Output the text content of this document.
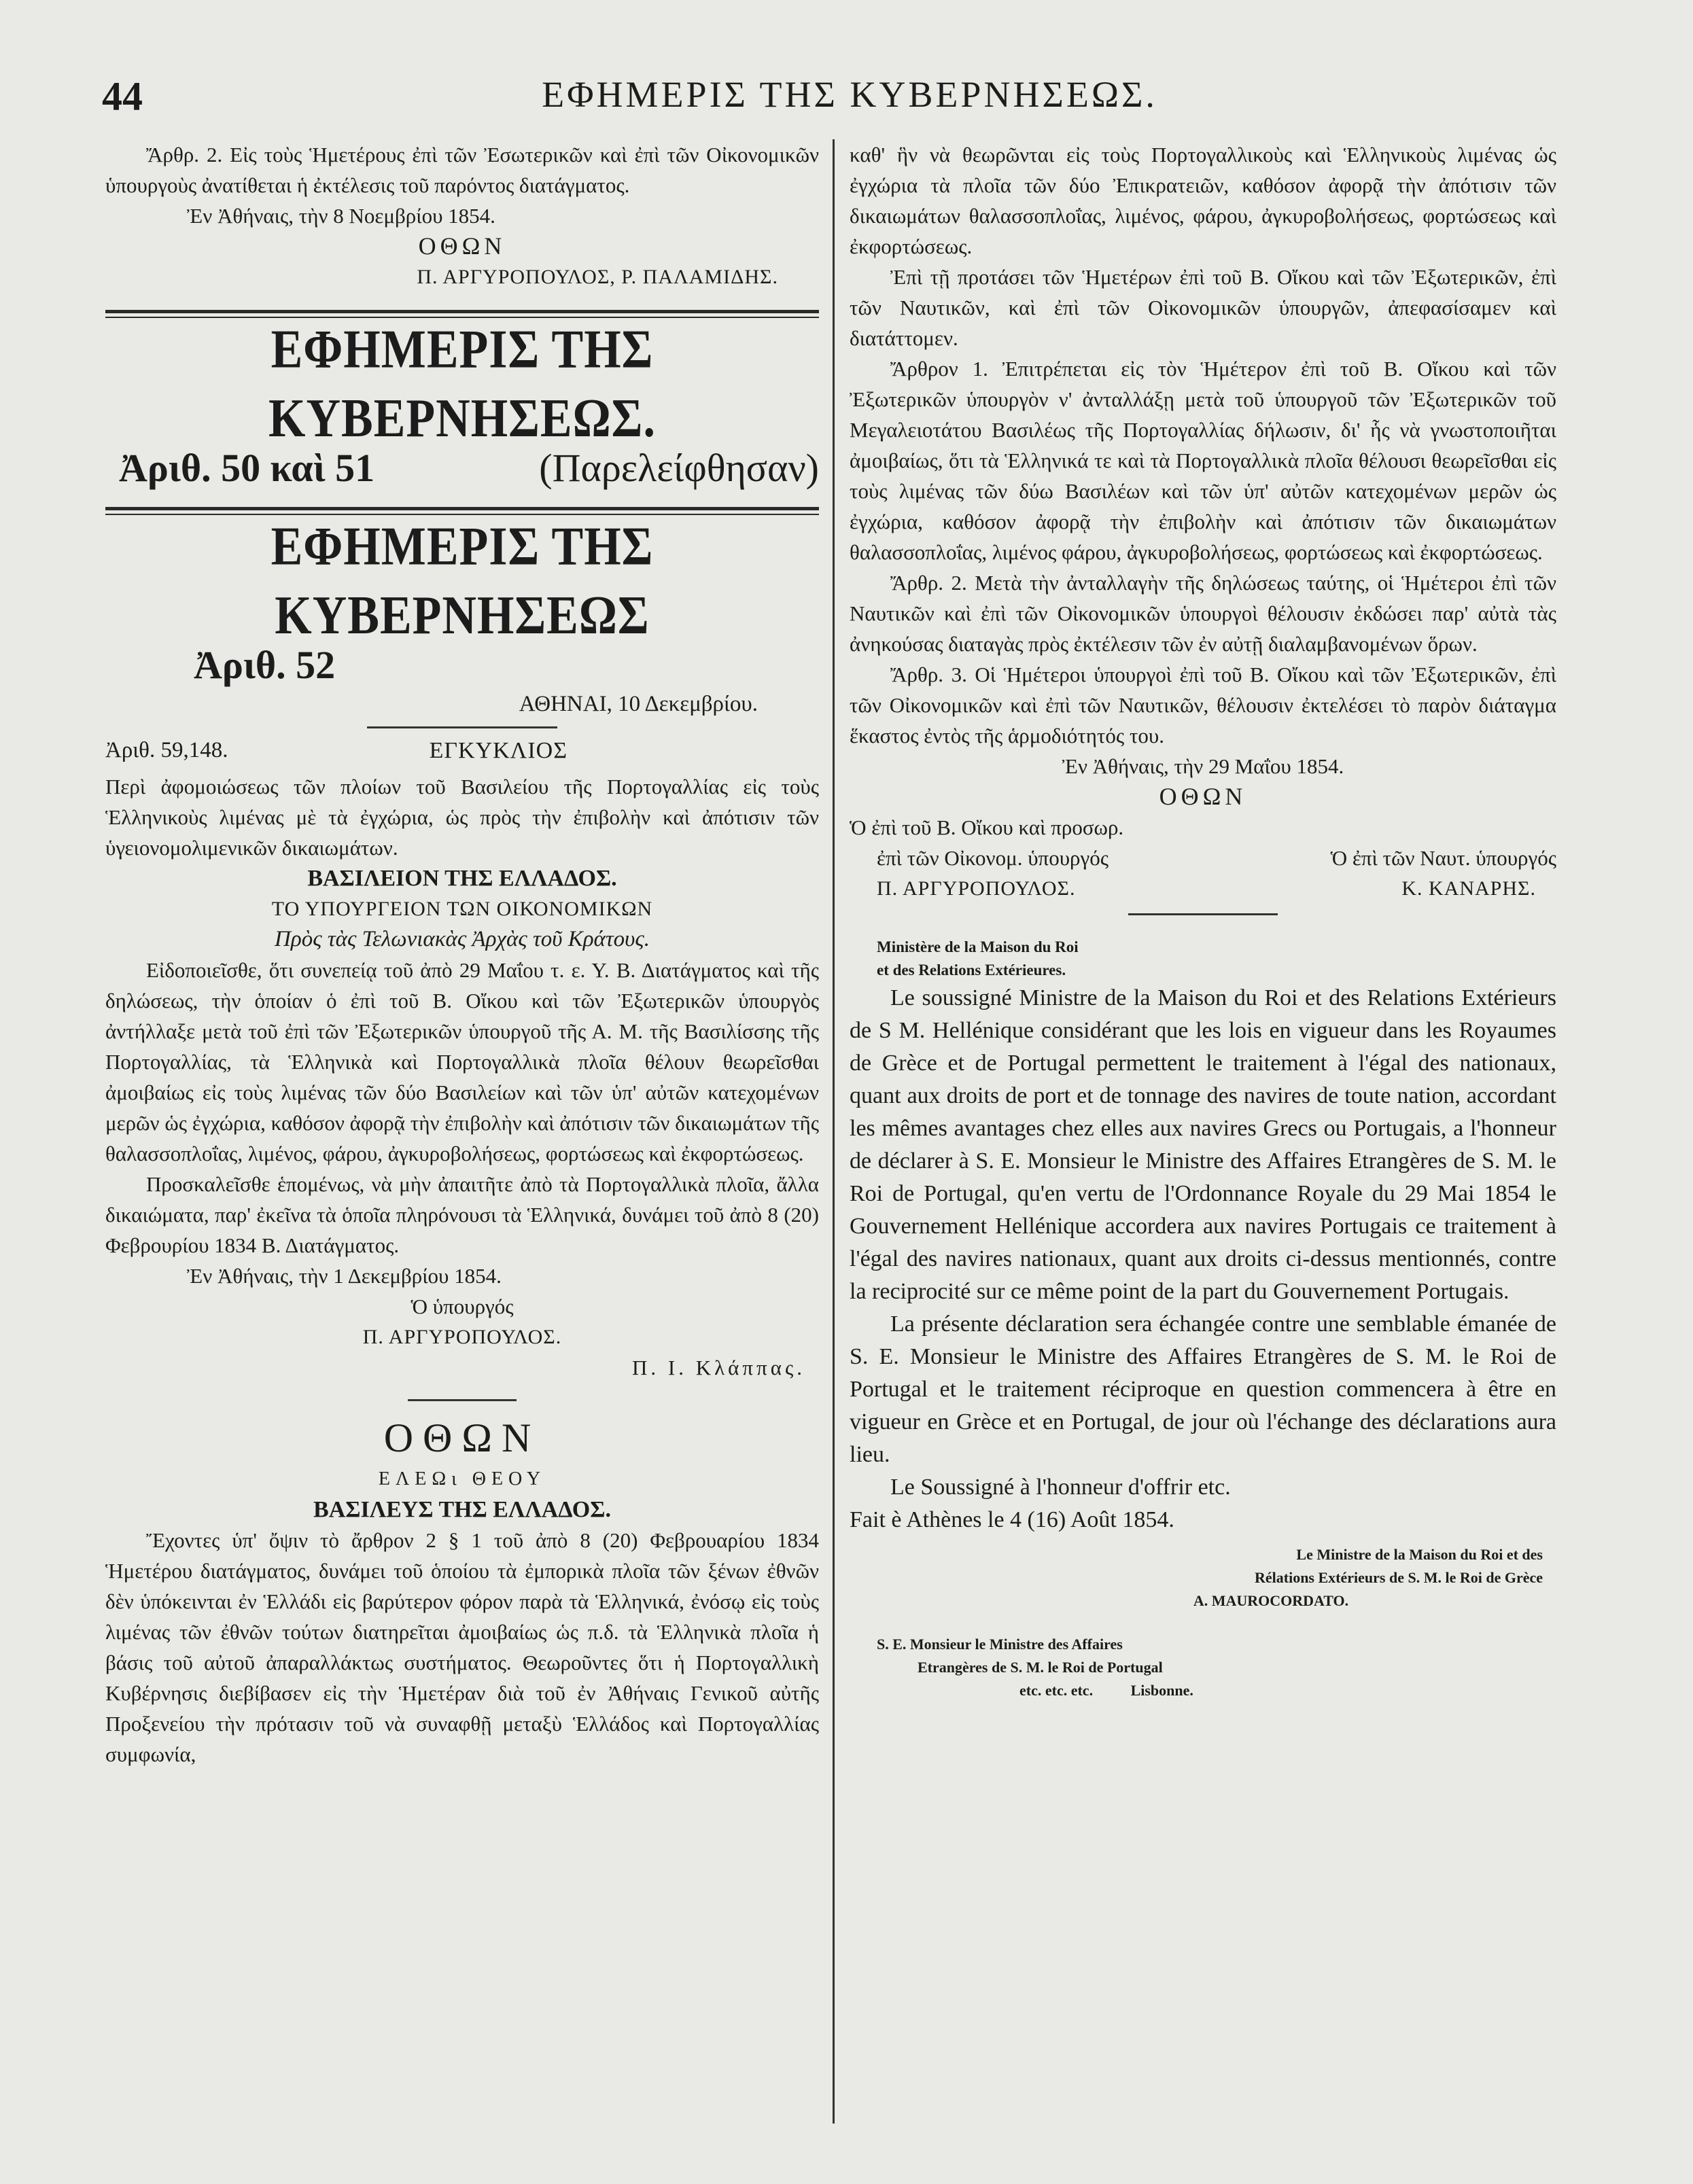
44	ΕΦΗΜΕΡΙΣ ΤΗΣ ΚΥΒΕΡΝΗΣΕΩΣ.

Ἄρθρ. 2. Εἰς τοὺς Ἡμετέρους ἐπὶ τῶν Ἐσωτερικῶν καὶ ἐπὶ τῶν Οἰκονομικῶν ὑπουργοὺς ἀνατίθεται ἡ ἐκτέλεσις τοῦ παρόντος διατάγματος.

Ἐν Ἀθήναις, τὴν 8 Νοεμβρίου 1854.

ΟΘΩΝ

Π. ΑΡΓΥΡΟΠΟΥΛΟΣ, Ρ. ΠΑΛΑΜΙΔΗΣ.

ΕΦΗΜΕΡΙΣ ΤΗΣ ΚΥΒΕΡΝΗΣΕΩΣ.

Ἀριθ. 50 καὶ 51	(Παρελείφθησαν)

ΕΦΗΜΕΡΙΣ ΤΗΣ ΚΥΒΕΡΝΗΣΕΩΣ

Ἀριθ. 52

ΑΘΗΝΑΙ, 10 Δεκεμβρίου.

Ἀριθ. 59,148.	ΕΓΚΥΚΛΙΟΣ

Περὶ ἀφομοιώσεως τῶν πλοίων τοῦ Βασιλείου τῆς Πορτογαλλίας εἰς τοὺς Ἑλληνικοὺς λιμένας μὲ τὰ ἐγχώρια, ὡς πρὸς τὴν ἐπιβολὴν καὶ ἀπότισιν τῶν ὑγειονομολιμενικῶν δικαιωμάτων.

ΒΑΣΙΛΕΙΟΝ ΤΗΣ ΕΛΛΑΔΟΣ.

ΤΟ ΥΠΟΥΡΓΕΙΟΝ ΤΩΝ ΟΙΚΟΝΟΜΙΚΩΝ

Πρὸς τὰς Τελωνιακὰς Ἀρχὰς τοῦ Κράτους.

Εἰδοποιεῖσθε, ὅτι συνεπείᾳ τοῦ ἀπὸ 29 Μαΐου τ. ε. Υ. Β. Διατάγματος καὶ τῆς δηλώσεως, τὴν ὁποίαν ὁ ἐπὶ τοῦ Β. Οἴκου καὶ τῶν Ἐξωτερικῶν ὑπουργὸς ἀντήλλαξε μετὰ τοῦ ἐπὶ τῶν Ἐξωτερικῶν ὑπουργοῦ τῆς Α. Μ. τῆς Βασιλίσσης τῆς Πορτογαλλίας, τὰ Ἑλληνικὰ καὶ Πορτογαλλικὰ πλοῖα θέλουν θεωρεῖσθαι ἀμοιβαίως εἰς τοὺς λιμένας τῶν δύο Βασιλείων καὶ τῶν ὑπ' αὐτῶν κατεχομένων μερῶν ὡς ἐγχώρια, καθόσον ἀφορᾷ τὴν ἐπιβολὴν καὶ ἀπότισιν τῶν δικαιωμάτων τῆς θαλασσοπλοΐας, λιμένος, φάρου, ἀγκυροβολήσεως, φορτώσεως καὶ ἐκφορτώσεως.

Προσκαλεῖσθε ἑπομένως, νὰ μὴν ἀπαιτῆτε ἀπὸ τὰ Πορτογαλλικὰ πλοῖα, ἄλλα δικαιώματα, παρ' ἐκεῖνα τὰ ὁποῖα πληρόνουσι τὰ Ἑλληνικά, δυνάμει τοῦ ἀπὸ 8 (20) Φεβρουρίου 1834 Β. Διατάγματος.

Ἐν Ἀθήναις, τὴν 1 Δεκεμβρίου 1854.

Ὁ ὑπουργός

Π. ΑΡΓΥΡΟΠΟΥΛΟΣ.

Π. Ι. Κλάππας.

ΟΘΩΝ

ΕΛΕΩι ΘΕΟΥ

ΒΑΣΙΛΕΥΣ ΤΗΣ ΕΛΛΑΔΟΣ.

Ἔχοντες ὑπ' ὄψιν τὸ ἄρθρον 2 § 1 τοῦ ἀπὸ 8 (20) Φεβρουαρίου 1834 Ἡμετέρου διατάγματος, δυνάμει τοῦ ὁποίου τὰ ἐμπορικὰ πλοῖα τῶν ξένων ἐθνῶν δὲν ὑπόκεινται ἐν Ἑλλάδι εἰς βαρύτερον φόρον παρὰ τὰ Ἑλληνικά, ἐνόσῳ εἰς τοὺς λιμένας τῶν ἐθνῶν τούτων διατηρεῖται ἀμοιβαίως ὡς π.δ. τὰ Ἑλληνικὰ πλοῖα ἡ βάσις τοῦ αὐτοῦ ἀπαραλλάκτως συστήματος. Θεωροῦντες ὅτι ἡ Πορτογαλλικὴ Κυβέρνησις διεβίβασεν εἰς τὴν Ἡμετέραν διὰ τοῦ ἐν Ἀθήναις Γενικοῦ αὐτῆς Προξενείου τὴν πρότασιν τοῦ νὰ συναφθῇ μεταξὺ Ἑλλάδος καὶ Πορτογαλλίας συμφωνία,

καθ' ἣν νὰ θεωρῶνται εἰς τοὺς Πορτογαλλικοὺς καὶ Ἑλληνικοὺς λιμένας ὡς ἐγχώρια τὰ πλοῖα τῶν δύο Ἐπικρατειῶν, καθόσον ἀφορᾷ τὴν ἀπότισιν τῶν δικαιωμάτων θαλασσοπλοΐας, λιμένος, φάρου, ἀγκυροβολήσεως, φορτώσεως καὶ ἐκφορτώσεως.

Ἐπὶ τῇ προτάσει τῶν Ἡμετέρων ἐπὶ τοῦ Β. Οἴκου καὶ τῶν Ἐξωτερικῶν, ἐπὶ τῶν Ναυτικῶν, καὶ ἐπὶ τῶν Οἰκονομικῶν ὑπουργῶν, ἀπεφασίσαμεν καὶ διατάττομεν.

Ἄρθρον 1. Ἐπιτρέπεται εἰς τὸν Ἡμέτερον ἐπὶ τοῦ Β. Οἴκου καὶ τῶν Ἐξωτερικῶν ὑπουργὸν ν' ἀνταλλάξῃ μετὰ τοῦ ὑπουργοῦ τῶν Ἐξωτερικῶν τοῦ Μεγαλειοτάτου Βασιλέως τῆς Πορτογαλλίας δήλωσιν, δι' ἧς νὰ γνωστοποιῆται ἀμοιβαίως, ὅτι τὰ Ἑλληνικά τε καὶ τὰ Πορτογαλλικὰ πλοῖα θέλουσι θεωρεῖσθαι εἰς τοὺς λιμένας τῶν δύω Βασιλέων καὶ τῶν ὑπ' αὐτῶν κατεχομένων μερῶν ὡς ἐγχώρια, καθόσον ἀφορᾷ τὴν ἐπιβολὴν καὶ ἀπότισιν τῶν δικαιωμάτων θαλασσοπλοΐας, λιμένος φάρου, ἀγκυροβολήσεως, φορτώσεως καὶ ἐκφορτώσεως.

Ἄρθρ. 2. Μετὰ τὴν ἀνταλλαγὴν τῆς δηλώσεως ταύτης, οἱ Ἡμέτεροι ἐπὶ τῶν Ναυτικῶν καὶ ἐπὶ τῶν Οἰκονομικῶν ὑπουργοὶ θέλουσιν ἐκδώσει παρ' αὐτὰ τὰς ἀνηκούσας διαταγὰς πρὸς ἐκτέλεσιν τῶν ἐν αὐτῇ διαλαμβανομένων ὅρων.

Ἄρθρ. 3. Οἱ Ἡμέτεροι ὑπουργοὶ ἐπὶ τοῦ Β. Οἴκου καὶ τῶν Ἐξωτερικῶν, ἐπὶ τῶν Οἰκονομικῶν καὶ ἐπὶ τῶν Ναυτικῶν, θέλουσιν ἐκτελέσει τὸ παρὸν διάταγμα ἕκαστος ἐντὸς τῆς ἁρμοδιότητός του.

Ἐν Ἀθήναις, τὴν 29 Μαΐου 1854.

ΟΘΩΝ

Ὁ ἐπὶ τοῦ Β. Οἴκου καὶ προσωρ.

ἐπὶ τῶν Οἰκονομ. ὑπουργός	Ὁ ἐπὶ τῶν Ναυτ. ὑπουργός
Π. ΑΡΓΥΡΟΠΟΥΛΟΣ.	Κ. ΚΑΝΑΡΗΣ.

Ministère de la Maison du Roi

et des Relations Extérieures.

Le soussigné Ministre de la Maison du Roi et des Relations Extérieurs de S M. Hellénique considérant que les lois en vigueur dans les Royaumes de Grèce et de Portugal permettent le traitement à l'égal des nationaux, quant aux droits de port et de tonnage des navires de toute nation, accordant les mêmes avantages chez elles aux navires Grecs ou Portugais, a l'honneur de déclarer à S. E. Monsieur le Ministre des Affaires Etrangères de S. M. le Roi de Portugal, qu'en vertu de l'Ordonnance Royale du 29 Mai 1854 le Gouvernement Hellénique accordera aux navires Portugais ce traitement à l'égal des navires nationaux, quant aux droits ci-dessus mentionnés, contre la reciprocité sur ce même point de la part du Gouvernement Portugais.

La présente déclaration sera échangée contre une semblable émanée de S. E. Monsieur le Ministre des Affaires Etrangères de S. M. le Roi de Portugal et le traitement réciproque en question commencera à être en vigueur en Grèce et en Portugal, de jour où l'échange des déclarations aura lieu.

Le Soussigné à l'honneur d'offrir etc.

Fait è Athènes le 4 (16) Août 1854.

Le Ministre de la Maison du Roi et des

Rélations Extérieurs de S. M. le Roi de Grèce

A. MAUROCORDATO.

S. E. Monsieur le Ministre des Affaires

Etrangères de S. M. le Roi de Portugal

etc. etc. etc.	Lisbonne.
